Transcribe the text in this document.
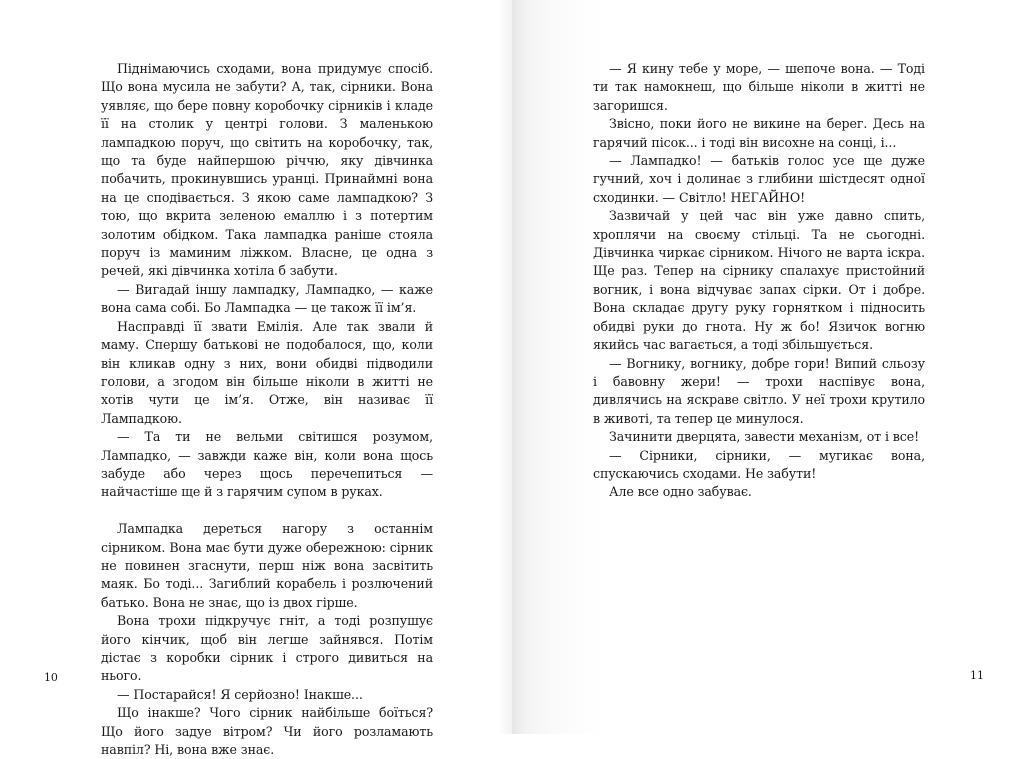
Піднімаючись сходами, вона придумує спосіб. Що вона мусила не забути? А, так, сірники. Вона уявляє, що бере повну коробочку сірників і кладе її на столик у центрі голови. З маленькою лампадкою поруч, що світить на коробочку, так, що та буде найпершою річчю, яку дівчинка побачить, прокинувшись уранці. Принаймні вона на це сподівається. З якою саме лампадкою? З тою, що вкрита зеленою емаллю і з потертим золотим обідком. Така лампадка раніше стояла поруч із маминим ліжком. Власне, це одна з речей, які дівчинка хотіла б забути.

— Вигадай іншу лампадку, Лампадко, — каже вона сама собі. Бо Лампадка — це також її ім’я.

Насправді її звати Емілія. Але так звали й маму. Спершу батькові не подобалося, що, коли він кликав одну з них, вони обидві підводили голови, а згодом він більше ніколи в житті не хотів чути це ім’я. Отже, він називає її Лампадкою.

— Та ти не вельми світишся розумом, Лампадко, — завжди каже він, коли вона щось забуде або через щось перечепиться — найчастіше ще й з гарячим супом в руках.

Лампадка дереться нагору з останнім сірником. Вона має бути дуже обережною: сірник не повинен згаснути, перш ніж вона засвітить маяк. Бо тоді... Загиблий корабель і розлючений батько. Вона не знає, що із двох гірше.

Вона трохи підкручує гніт, а тоді розпушує його кінчик, щоб він легше зайнявся. Потім дістає з коробки сірник і строго дивиться на нього.

— Постарайся! Я серйозно! Інакше...

Що інакше? Чого сірник найбільше боїться? Що його задуе вітром? Чи його розламають навпіл? Ні, вона вже знає.

10

— Я кину тебе у море, — шепоче вона. — Тоді ти так намокнеш, що більше ніколи в житті не загоришся.

Звісно, поки його не викине на берег. Десь на гарячий пісок... і тоді він висохне на сонці, і...

— Лампадко! — батьків голос усе ще дуже гучний, хоч і долинає з глибини шістдесят одної сходинки. — Світло! НЕГАЙНО!

Зазвичай у цей час він уже давно спить, хроплячи на своєму стільці. Та не сьогодні. Дівчинка чиркає сірником. Нічого не варта іскра. Ще раз. Тепер на сірнику спалахує пристойний вогник, і вона відчуває запах сірки. От і добре. Вона складає другу руку горнятком і підносить обидві руки до гнота. Ну ж бо! Язичок вогню якийсь час вагається, а тоді збільшується.

— Вогнику, вогнику, добре гори! Випий сльозу і бавовну жери! — трохи наспівує вона, дивлячись на яскраве світло. У неї трохи крутило в животі, та тепер це минулося.

Зачинити дверцята, завести механізм, от і все!

— Сірники, сірники, — мугикає вона, спускаючись сходами. Не забути!

Але все одно забуває.

11
